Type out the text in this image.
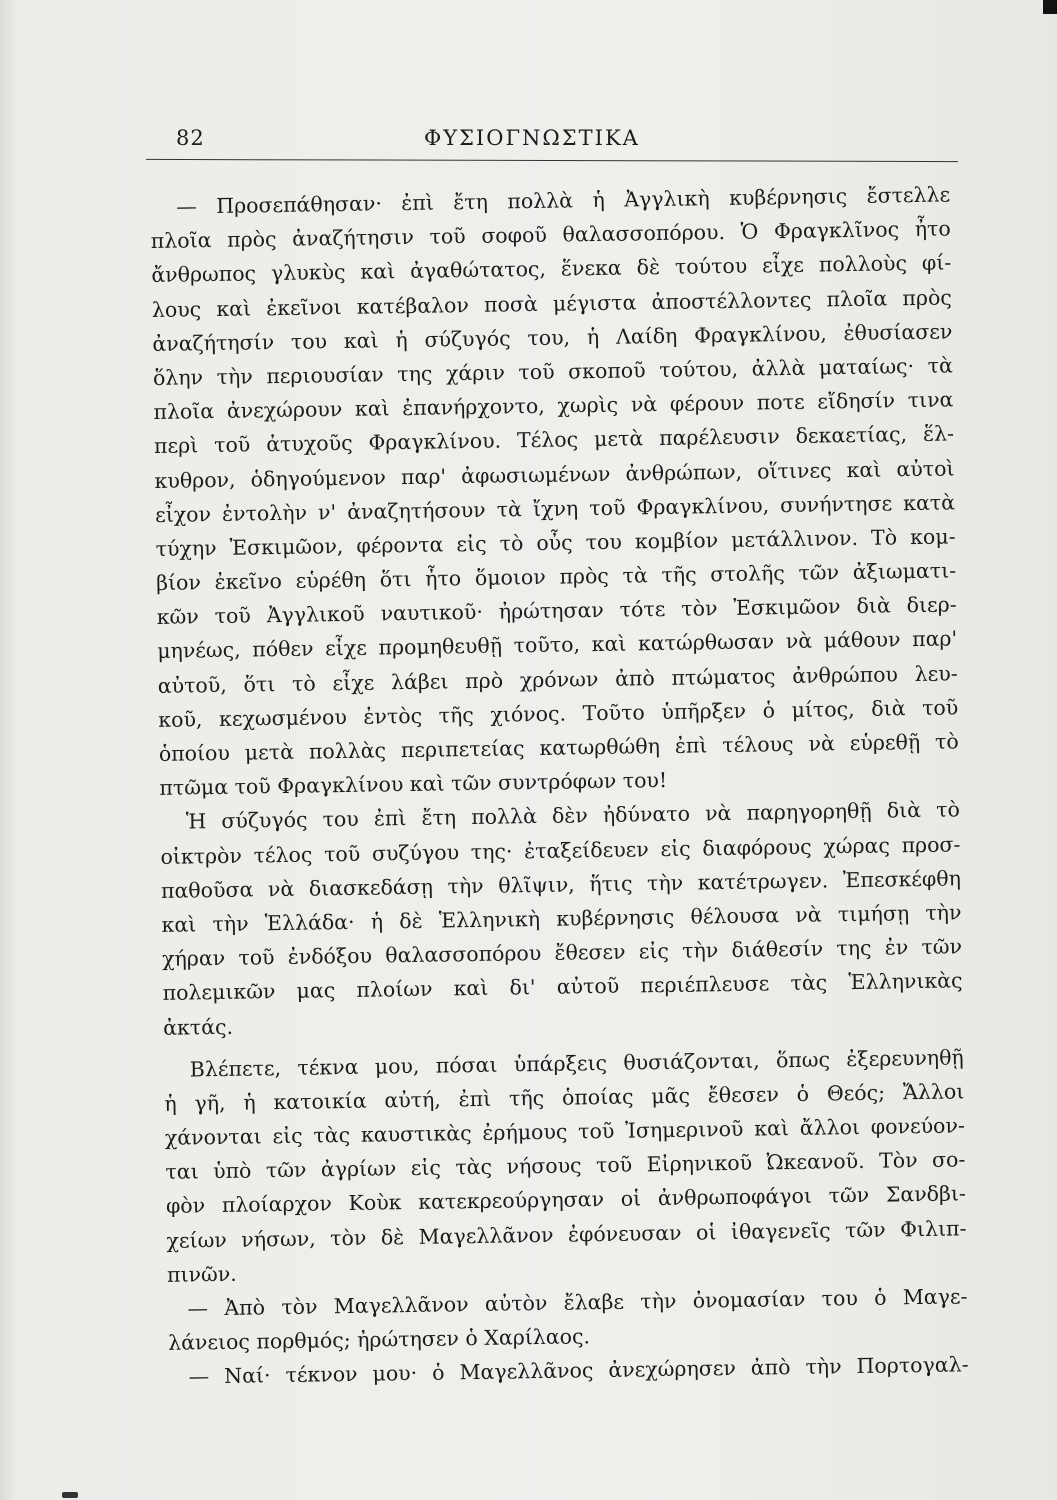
82	ΦΥΣΙΟΓΝΩΣΤΙΚΑ
— Προσεπάθησαν· ἐπὶ ἔτη πολλὰ ἡ Ἀγγλικὴ κυβέρνησις ἔστελλε
πλοῖα πρὸς ἀναζήτησιν τοῦ σοφοῦ θαλασσοπόρου. Ὁ Φραγκλῖνος ἦτο
ἄνθρωπος γλυκὺς καὶ ἀγαθώτατος, ἕνεκα δὲ τούτου εἶχε πολλοὺς φί-
λους καὶ ἐκεῖνοι κατέβαλον ποσὰ μέγιστα ἀποστέλλοντες πλοῖα πρὸς
ἀναζήτησίν του καὶ ἡ σύζυγός του, ἡ Λαίδη Φραγκλίνου, ἐθυσίασεν
ὅλην τὴν περιουσίαν της χάριν τοῦ σκοποῦ τούτου, ἀλλὰ ματαίως· τὰ
πλοῖα ἀνεχώρουν καὶ ἐπανήρχοντο, χωρὶς νὰ φέρουν ποτε εἴδησίν τινα
περὶ τοῦ ἀτυχοῦς Φραγκλίνου. Τέλος μετὰ παρέλευσιν δεκαετίας, ἕλ-
κυθρον, ὁδηγούμενον παρ' ἀφωσιωμένων ἀνθρώπων, οἵτινες καὶ αὐτοὶ
εἶχον ἐντολὴν ν' ἀναζητήσουν τὰ ἴχνη τοῦ Φραγκλίνου, συνήντησε κατὰ
τύχην Ἐσκιμῶον, φέροντα εἰς τὸ οὖς του κομβίον μετάλλινον. Τὸ κομ-
βίον ἐκεῖνο εὑρέθη ὅτι ἦτο ὅμοιον πρὸς τὰ τῆς στολῆς τῶν ἀξιωματι-
κῶν τοῦ Ἀγγλικοῦ ναυτικοῦ· ἠρώτησαν τότε τὸν Ἐσκιμῶον διὰ διερ-
μηνέως, πόθεν εἶχε προμηθευθῇ τοῦτο, καὶ κατώρθωσαν νὰ μάθουν παρ'
αὐτοῦ, ὅτι τὸ εἶχε λάβει πρὸ χρόνων ἀπὸ πτώματος ἀνθρώπου λευ-
κοῦ, κεχωσμένου ἐντὸς τῆς χιόνος. Τοῦτο ὑπῆρξεν ὁ μίτος, διὰ τοῦ
ὁποίου μετὰ πολλὰς περιπετείας κατωρθώθη ἐπὶ τέλους νὰ εὑρεθῇ τὸ
πτῶμα τοῦ Φραγκλίνου καὶ τῶν συντρόφων του!
Ἡ σύζυγός του ἐπὶ ἔτη πολλὰ δὲν ἠδύνατο νὰ παρηγορηθῇ διὰ τὸ
οἰκτρὸν τέλος τοῦ συζύγου της· ἐταξείδευεν εἰς διαφόρους χώρας προσ-
παθοῦσα νὰ διασκεδάσῃ τὴν θλῖψιν, ἥτις τὴν κατέτρωγεν. Ἐπεσκέφθη
καὶ τὴν Ἑλλάδα· ἡ δὲ Ἑλληνικὴ κυβέρνησις θέλουσα νὰ τιμήσῃ τὴν
χήραν τοῦ ἐνδόξου θαλασσοπόρου ἔθεσεν εἰς τὴν διάθεσίν της ἐν τῶν
πολεμικῶν μας πλοίων καὶ δι' αὐτοῦ περιέπλευσε τὰς Ἑλληνικὰς
ἀκτάς.
Βλέπετε, τέκνα μου, πόσαι ὑπάρξεις θυσιάζονται, ὅπως ἐξερευνηθῇ
ἡ γῆ, ἡ κατοικία αὐτή, ἐπὶ τῆς ὁποίας μᾶς ἔθεσεν ὁ Θεός; Ἄλλοι
χάνονται εἰς τὰς καυστικὰς ἐρήμους τοῦ Ἰσημερινοῦ καὶ ἄλλοι φονεύον-
ται ὑπὸ τῶν ἀγρίων εἰς τὰς νήσους τοῦ Εἰρηνικοῦ Ὠκεανοῦ. Τὸν σο-
φὸν πλοίαρχον Κοὺκ κατεκρεούργησαν οἱ ἀνθρωποφάγοι τῶν Σανδβι-
χείων νήσων, τὸν δὲ Μαγελλᾶνον ἐφόνευσαν οἱ ἰθαγενεῖς τῶν Φιλιπ-
πινῶν.
— Ἀπὸ τὸν Μαγελλᾶνον αὐτὸν ἔλαβε τὴν ὀνομασίαν του ὁ Μαγε-
λάνειος πορθμός; ἠρώτησεν ὁ Χαρίλαος.
— Ναί· τέκνον μου· ὁ Μαγελλᾶνος ἀνεχώρησεν ἀπὸ τὴν Πορτογαλ-
